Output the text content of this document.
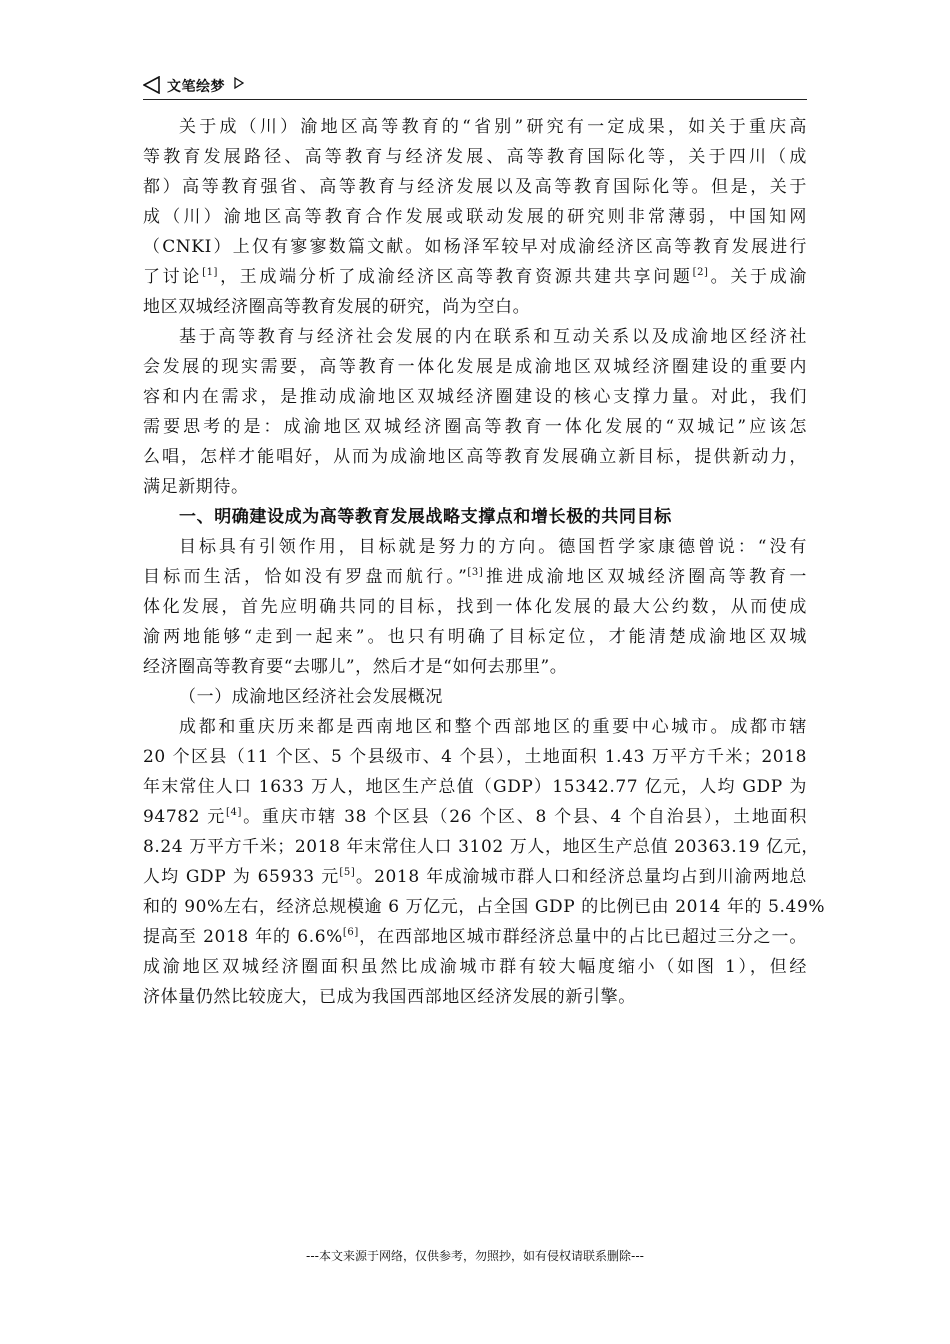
文笔绘梦
关于成（川）渝地区高等教育的“省别”研究有一定成果，如关于重庆高
等教育发展路径、高等教育与经济发展、高等教育国际化等，关于四川（成
都）高等教育强省、高等教育与经济发展以及高等教育国际化等。但是，关于
成（川）渝地区高等教育合作发展或联动发展的研究则非常薄弱，中国知网
（CNKI）上仅有寥寥数篇文献。如杨泽军较早对成渝经济区高等教育发展进行
了讨论[1]，王成端分析了成渝经济区高等教育资源共建共享问题[2]。关于成渝
地区双城经济圈高等教育发展的研究，尚为空白。
基于高等教育与经济社会发展的内在联系和互动关系以及成渝地区经济社
会发展的现实需要，高等教育一体化发展是成渝地区双城经济圈建设的重要内
容和内在需求，是推动成渝地区双城经济圈建设的核心支撑力量。对此，我们
需要思考的是：成渝地区双城经济圈高等教育一体化发展的“双城记”应该怎
么唱，怎样才能唱好，从而为成渝地区高等教育发展确立新目标，提供新动力，
满足新期待。
一、明确建设成为高等教育发展战略支撑点和增长极的共同目标
目标具有引领作用，目标就是努力的方向。德国哲学家康德曾说：“没有
目标而生活，恰如没有罗盘而航行。”[3]推进成渝地区双城经济圈高等教育一
体化发展，首先应明确共同的目标，找到一体化发展的最大公约数，从而使成
渝两地能够“走到一起来”。也只有明确了目标定位，才能清楚成渝地区双城
经济圈高等教育要“去哪儿”，然后才是“如何去那里”。
（一）成渝地区经济社会发展概况
成都和重庆历来都是西南地区和整个西部地区的重要中心城市。成都市辖
20 个区县（11 个区、5 个县级市、4 个县），土地面积 1.43 万平方千米；2018
年末常住人口 1633 万人，地区生产总值（GDP）15342.77 亿元，人均 GDP 为
94782 元[4]。重庆市辖 38 个区县（26 个区、8 个县、4 个自治县），土地面积
8.24 万平方千米；2018 年末常住人口 3102 万人，地区生产总值 20363.19 亿元，
人均 GDP 为 65933 元[5]。2018 年成渝城市群人口和经济总量均占到川渝两地总
和的 90%左右，经济总规模逾 6 万亿元，占全国 GDP 的比例已由 2014 年的 5.49%
提高至 2018 年的 6.6%[6]，在西部地区城市群经济总量中的占比已超过三分之一。
成渝地区双城经济圈面积虽然比成渝城市群有较大幅度缩小（如图 1），但经
济体量仍然比较庞大，已成为我国西部地区经济发展的新引擎。
---本文来源于网络，仅供参考，勿照抄，如有侵权请联系删除---
